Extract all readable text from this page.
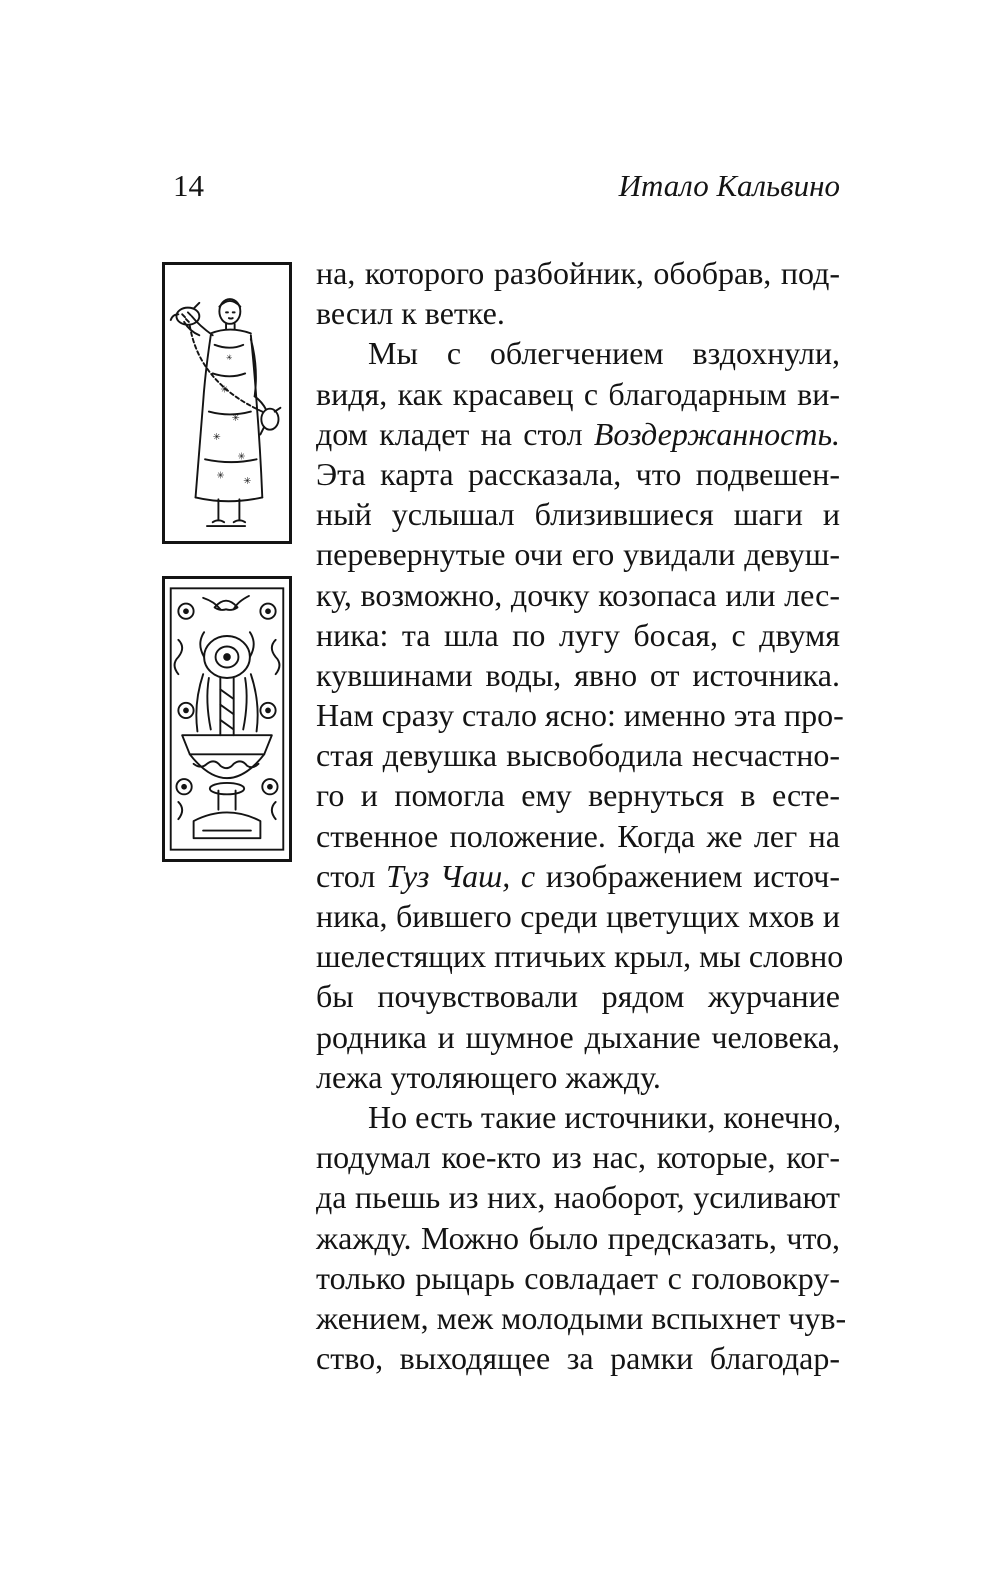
14	Итало Кальвино
✳
✳
✳
✳
✳
✳
✳
на, которого разбойник, обобрав, под-
весил к ветке.
Мы с облегчением вздохнули,
видя, как красавец с благодарным ви-
дом кладет на стол Воздержанность.
Эта карта рассказала, что подвешен-
ный услышал близившиеся шаги и
перевернутые очи его увидали девуш-
ку, возможно, дочку козопаса или лес-
ника: та шла по лугу босая, с двумя
кувшинами воды, явно от источника.
Нам сразу стало ясно: именно эта про-
стая девушка высвободила несчастно-
го и помогла ему вернуться в есте-
ственное положение. Когда же лег на
стол Туз Чаш, с изображением источ-
ника, бившего среди цветущих мхов и
шелестящих птичьих крыл, мы словно
бы почувствовали рядом журчание
родника и шумное дыхание человека,
лежа утоляющего жажду.
Но есть такие источники, конечно,
подумал кое-кто из нас, которые, ког-
да пьешь из них, наоборот, усиливают
жажду. Можно было предсказать, что,
только рыцарь совладает с головокру-
жением, меж молодыми вспыхнет чув-
ство, выходящее за рамки благодар-
